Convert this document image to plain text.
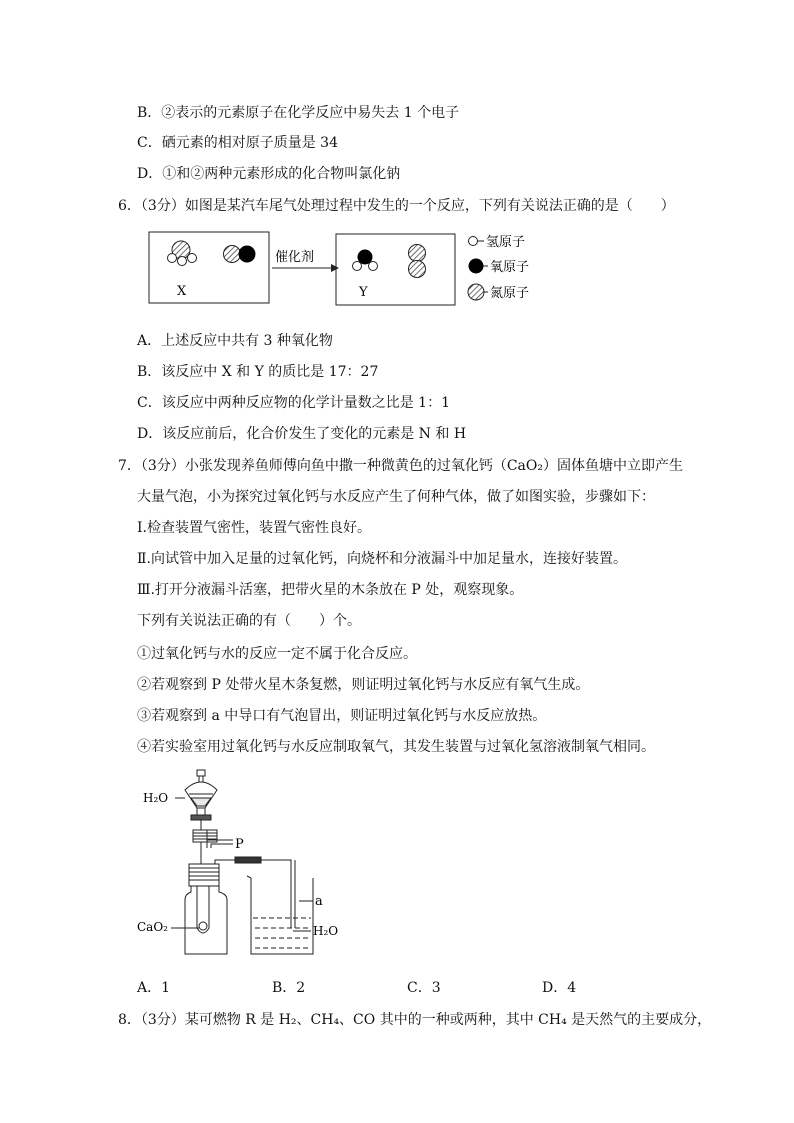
B．②表示的元素原子在化学反应中易失去 1 个电子
C．硒元素的相对原子质量是 34
D．①和②两种元素形成的化合物叫氯化钠
6．（3分）如图是某汽车尾气处理过程中发生的一个反应，下列有关说法正确的是（　　）
X
催化剂
Y
氢原子
氧原子
氮原子
A．上述反应中共有 3 种氧化物
B．该反应中 X 和 Y 的质比是 17：27
C．该反应中两种反应物的化学计量数之比是 1：1
D．该反应前后，化合价发生了变化的元素是 N 和 H
7．（3分）小张发现养鱼师傅向鱼中撒一种微黄色的过氧化钙（CaO₂）固体鱼塘中立即产生
大量气泡，小为探究过氧化钙与水反应产生了何种气体，做了如图实验，步骤如下：
Ⅰ.检查装置气密性，装置气密性良好。
Ⅱ.向试管中加入足量的过氧化钙，向烧杯和分液漏斗中加足量水，连接好装置。
Ⅲ.打开分液漏斗活塞，把带火星的木条放在 P 处，观察现象。
下列有关说法正确的有（　　）个。
①过氧化钙与水的反应一定不属于化合反应。
②若观察到 P 处带火星木条复燃，则证明过氧化钙与水反应有氧气生成。
③若观察到 a 中导口有气泡冒出，则证明过氧化钙与水反应放热。
④若实验室用过氧化钙与水反应制取氧气，其发生装置与过氧化氢溶液制氧气相同。
H₂O
P
a
CaO₂	H₂O
A．1	B．2	C．3	D．4
8．（3分）某可燃物 R 是 H₂、CH₄、CO 其中的一种或两种，其中 CH₄ 是天然气的主要成分，
